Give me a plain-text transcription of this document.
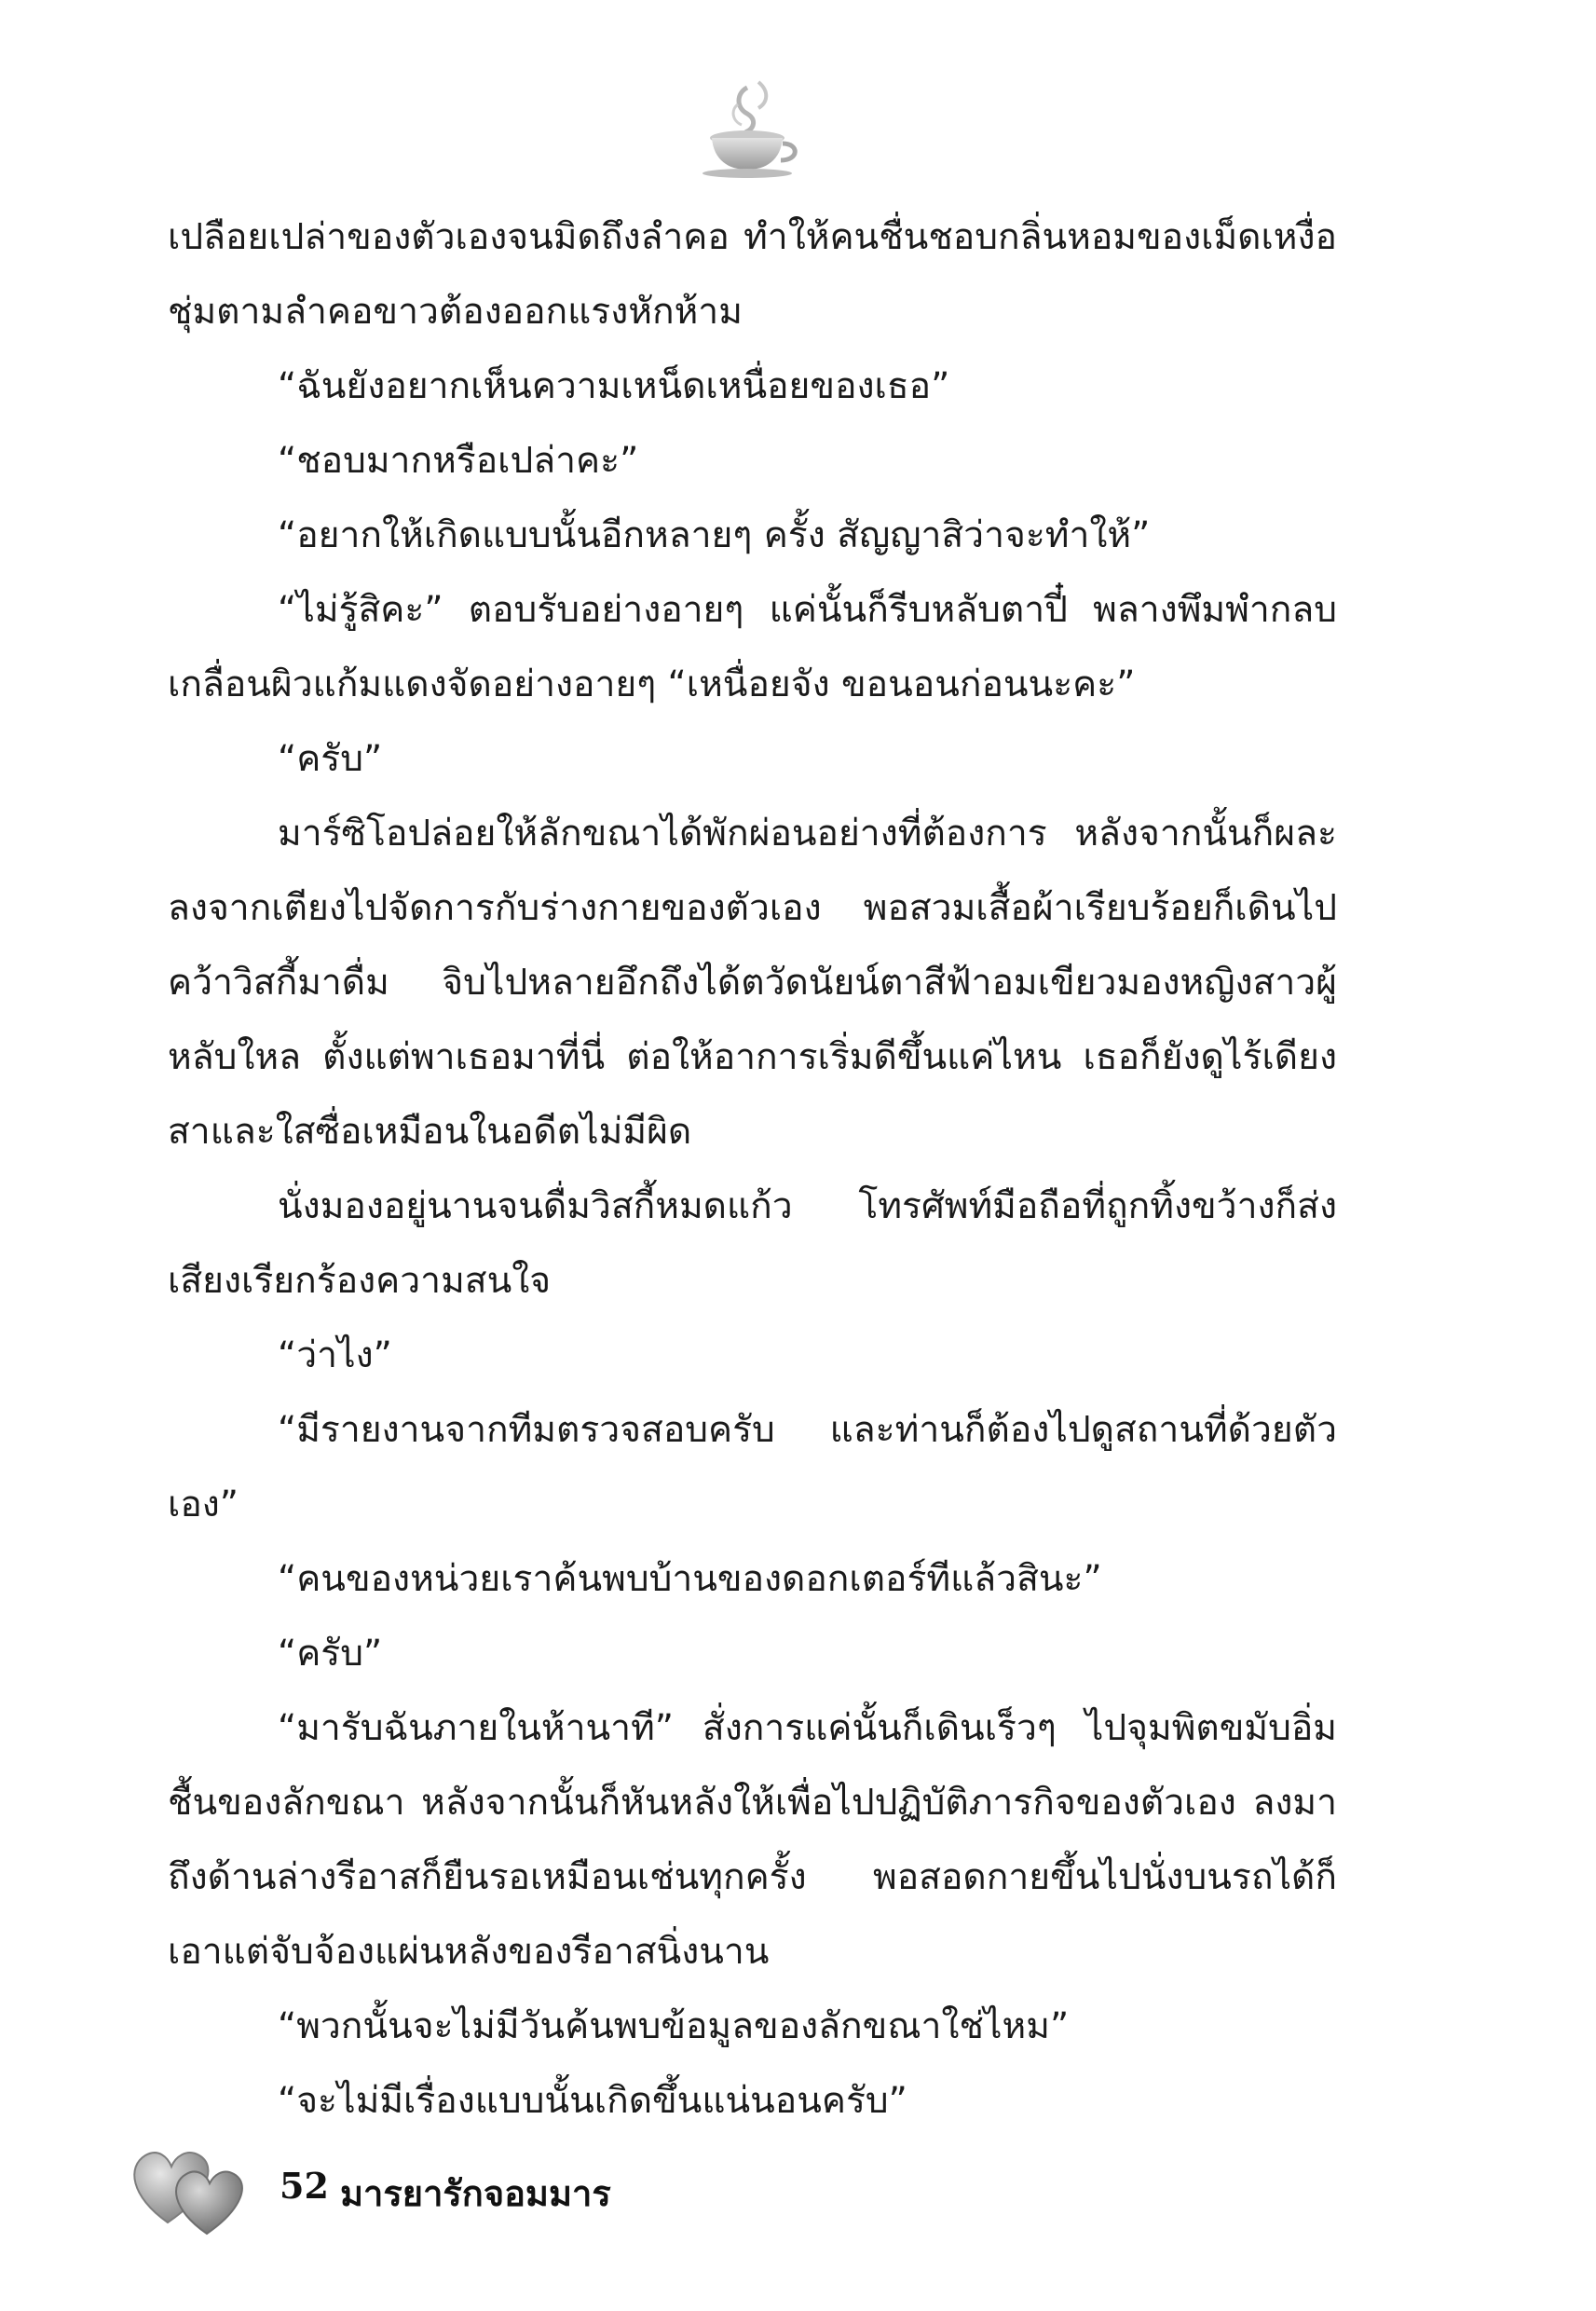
เปลือยเปล่าของตัวเองจนมิดถึงลำคอ ทำให้คนชื่นชอบกลิ่นหอมของเม็ดเหงื่อชุ่มตามลำคอขาวต้องออกแรงหักห้าม

“ฉันยังอยากเห็นความเหน็ดเหนื่อยของเธอ”

“ชอบมากหรือเปล่าคะ”

“อยากให้เกิดแบบนั้นอีกหลายๆ ครั้ง สัญญาสิว่าจะทำให้”

“ไม่รู้สิคะ” ตอบรับอย่างอายๆ แค่นั้นก็รีบหลับตาปี๋ พลางพึมพำกลบเกลื่อนผิวแก้มแดงจัดอย่างอายๆ “เหนื่อยจัง ขอนอนก่อนนะคะ”

“ครับ”

มาร์ซิโอปล่อยให้ลักขณาได้พักผ่อนอย่างที่ต้องการ หลังจากนั้นก็ผละลงจากเตียงไปจัดการกับร่างกายของตัวเอง พอสวมเสื้อผ้าเรียบร้อยก็เดินไปคว้าวิสกี้มาดื่ม จิบไปหลายอึกถึงได้ตวัดนัยน์ตาสีฟ้าอมเขียวมองหญิงสาวผู้หลับใหล ตั้งแต่พาเธอมาที่นี่ ต่อให้อาการเริ่มดีขึ้นแค่ไหน เธอก็ยังดูไร้เดียงสาและใสซื่อเหมือนในอดีตไม่มีผิด

นั่งมองอยู่นานจนดื่มวิสกี้หมดแก้ว โทรศัพท์มือถือที่ถูกทิ้งขว้างก็ส่งเสียงเรียกร้องความสนใจ

“ว่าไง”

“มีรายงานจากทีมตรวจสอบครับ และท่านก็ต้องไปดูสถานที่ด้วยตัวเอง”

“คนของหน่วยเราค้นพบบ้านของดอกเตอร์ทีแล้วสินะ”

“ครับ”

“มารับฉันภายในห้านาที” สั่งการแค่นั้นก็เดินเร็วๆ ไปจุมพิตขมับอิ่มชื้นของลักขณา หลังจากนั้นก็หันหลังให้เพื่อไปปฏิบัติภารกิจของตัวเอง ลงมาถึงด้านล่างรีอาสก็ยืนรอเหมือนเช่นทุกครั้ง พอสอดกายขึ้นไปนั่งบนรถได้ก็เอาแต่จับจ้องแผ่นหลังของรีอาสนิ่งนาน

“พวกนั้นจะไม่มีวันค้นพบข้อมูลของลักขณาใช่ไหม”

“จะไม่มีเรื่องแบบนั้นเกิดขึ้นแน่นอนครับ”

52 มารยารักจอมมาร
